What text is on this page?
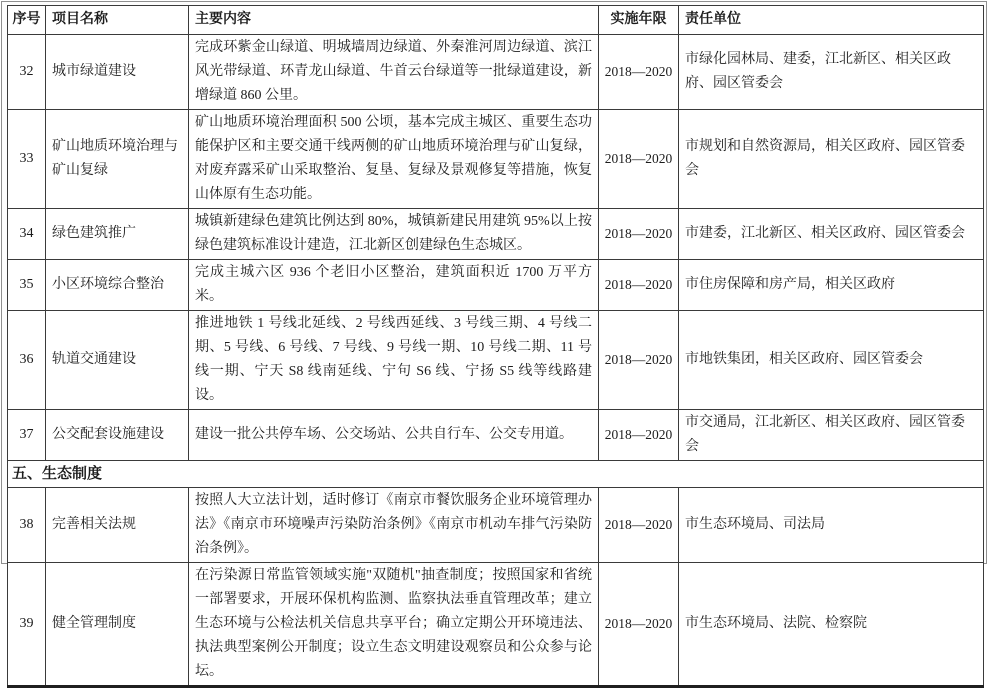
序号	项目名称	主要内容	实施年限	责任单位
32	城市绿道建设	完成环紫金山绿道、明城墙周边绿道、外秦淮河周边绿道、滨江风光带绿道、环青龙山绿道、牛首云台绿道等一批绿道建设，新增绿道 860 公里。	2018—2020	市绿化园林局、建委，江北新区、相关区政府、园区管委会
33	矿山地质环境治理与矿山复绿	矿山地质环境治理面积 500 公顷，基本完成主城区、重要生态功能保护区和主要交通干线两侧的矿山地质环境治理与矿山复绿，对废弃露采矿山采取整治、复垦、复绿及景观修复等措施，恢复山体原有生态功能。	2018—2020	市规划和自然资源局，相关区政府、园区管委会
34	绿色建筑推广	城镇新建绿色建筑比例达到 80%，城镇新建民用建筑 95%以上按绿色建筑标准设计建造，江北新区创建绿色生态城区。	2018—2020	市建委，江北新区、相关区政府、园区管委会
35	小区环境综合整治	完成主城六区 936 个老旧小区整治，建筑面积近 1700 万平方米。	2018—2020	市住房保障和房产局，相关区政府
36	轨道交通建设	推进地铁 1 号线北延线、2 号线西延线、3 号线三期、4 号线二期、5 号线、6 号线、7 号线、9 号线一期、10 号线二期、11 号线一期、宁天 S8 线南延线、宁句 S6 线、宁扬 S5 线等线路建设。	2018—2020	市地铁集团，相关区政府、园区管委会
37	公交配套设施建设	建设一批公共停车场、公交场站、公共自行车、公交专用道。	2018—2020	市交通局，江北新区、相关区政府、园区管委会
五、生态制度				
38	完善相关法规	按照人大立法计划，适时修订《南京市餐饮服务企业环境管理办法》《南京市环境噪声污染防治条例》《南京市机动车排气污染防治条例》。	2018—2020	市生态环境局、司法局
39	健全管理制度	在污染源日常监管领域实施"双随机"抽查制度；按照国家和省统一部署要求，开展环保机构监测、监察执法垂直管理改革；建立生态环境与公检法机关信息共享平台；确立定期公开环境违法、执法典型案例公开制度；设立生态文明建设观察员和公众参与论坛。	2018—2020	市生态环境局、法院、检察院
